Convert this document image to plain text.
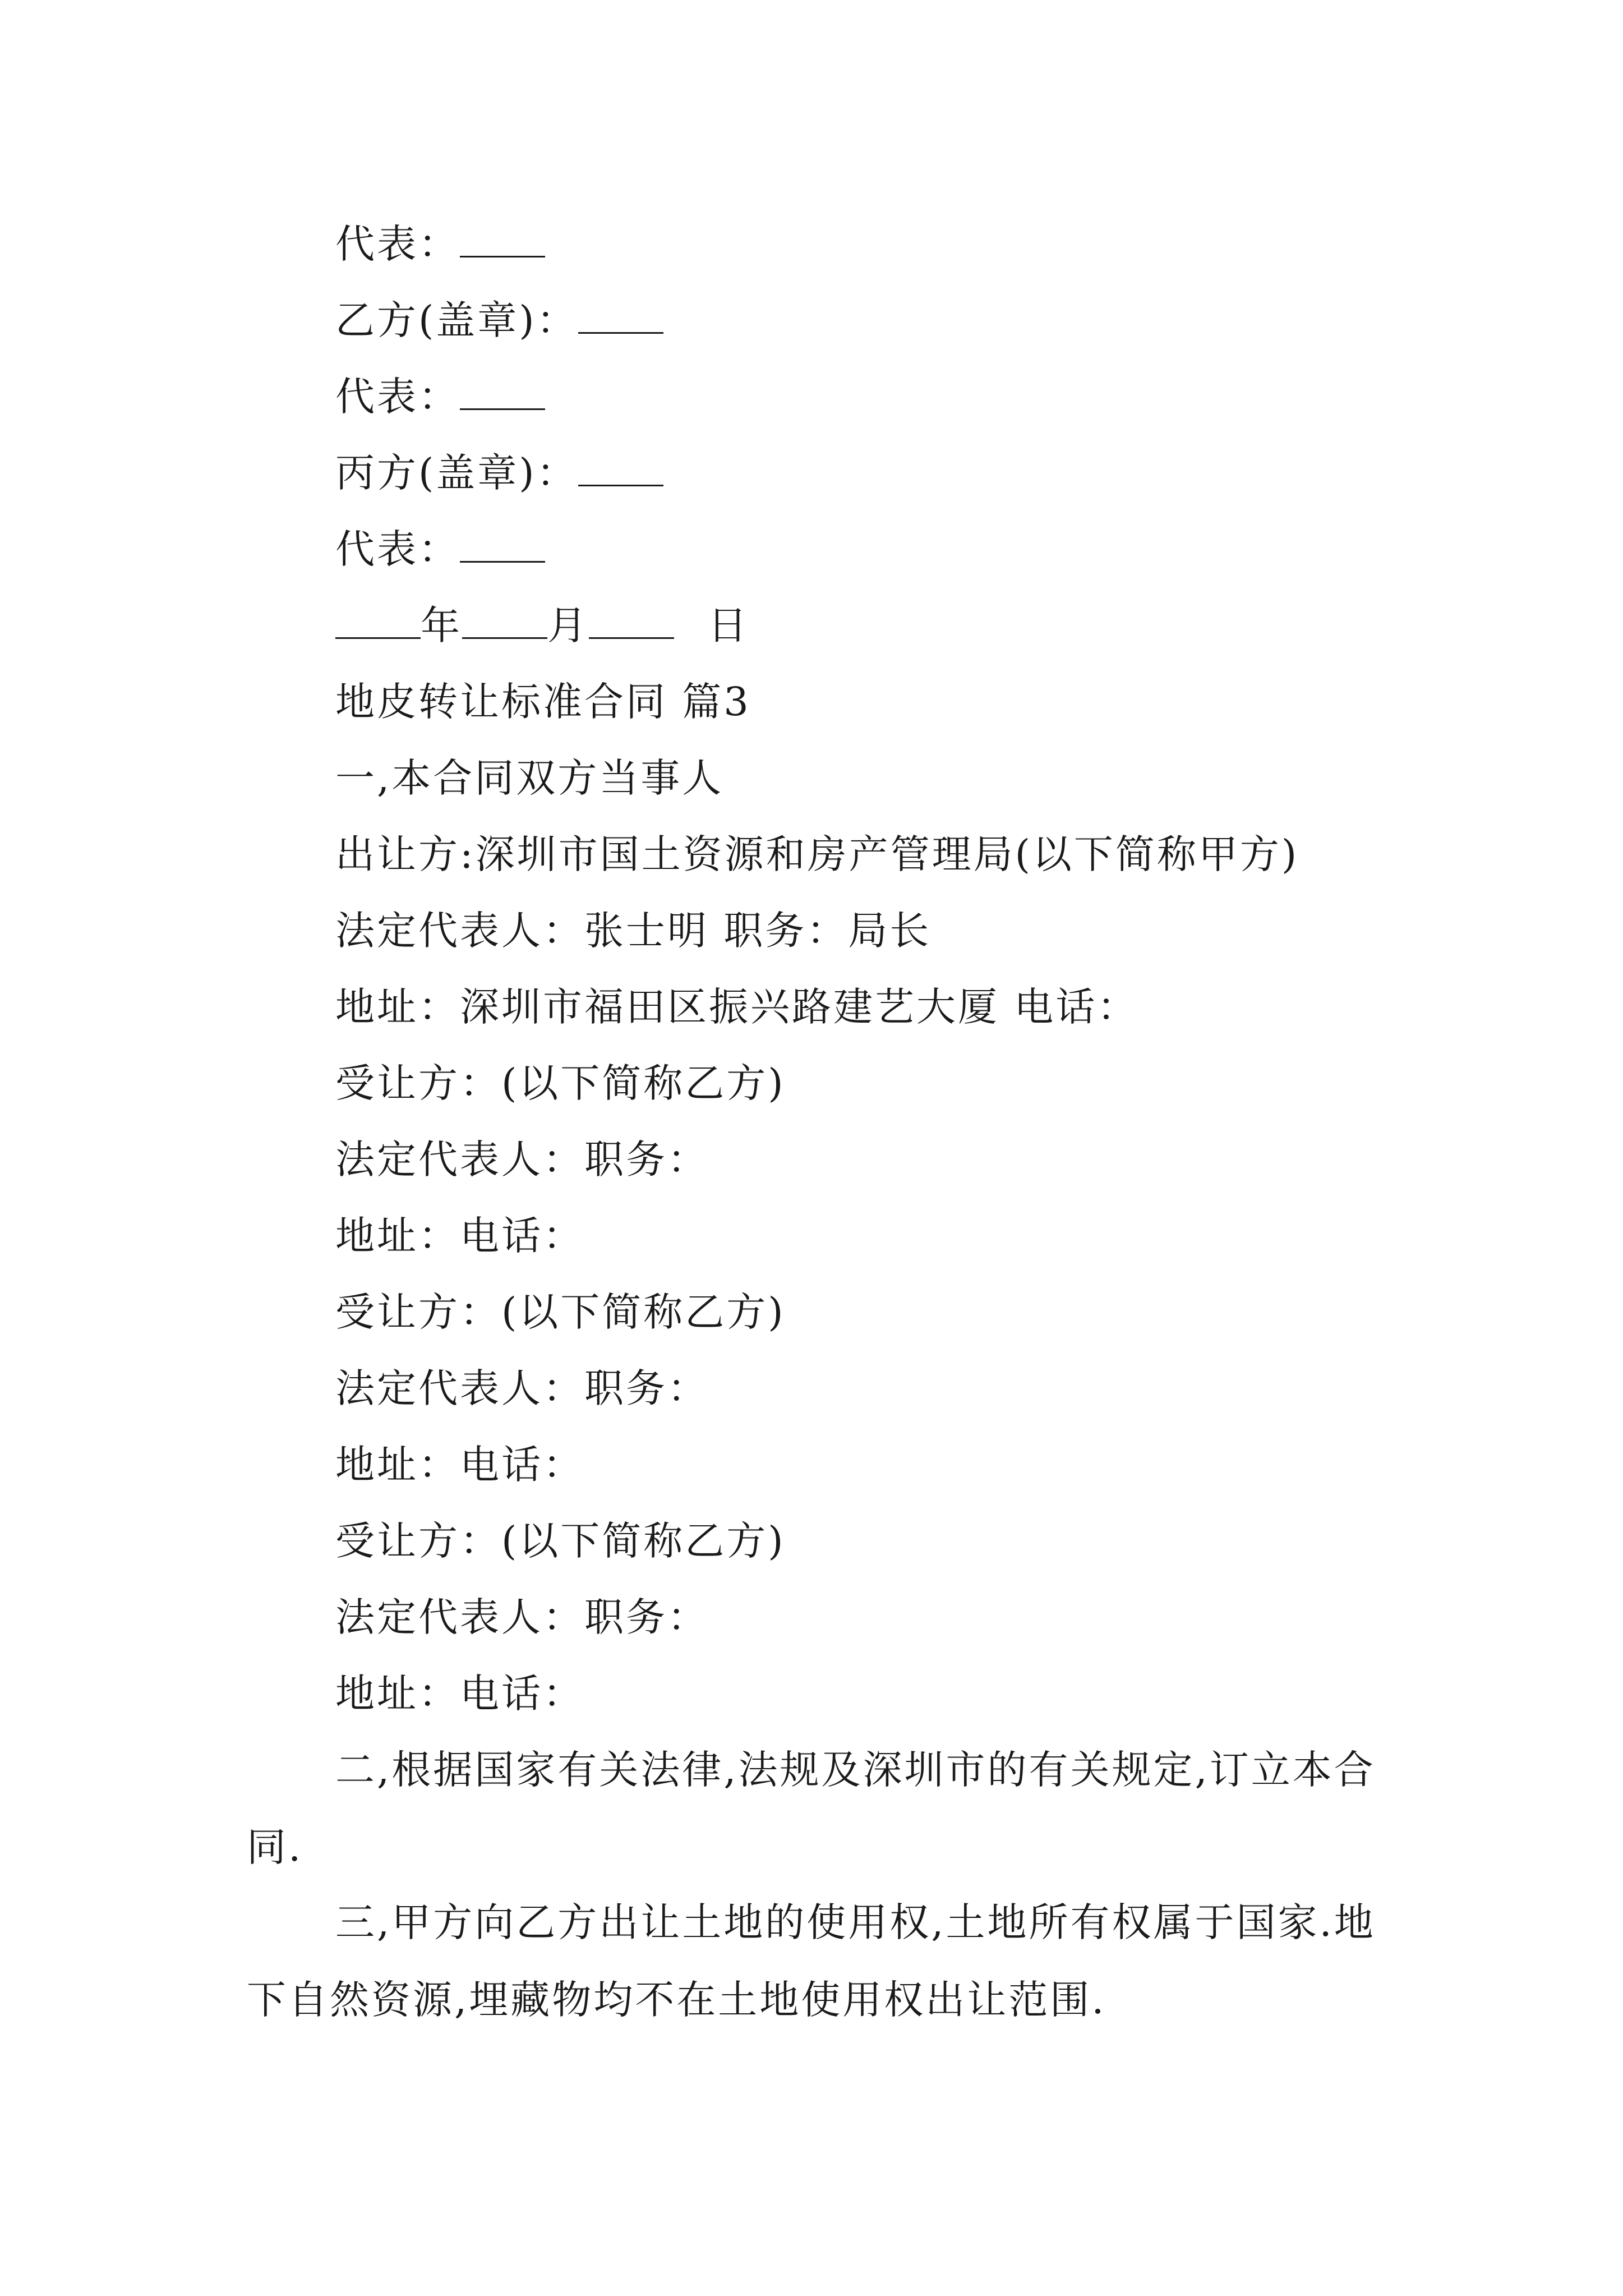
代表：
乙方(盖章)：
代表：
丙方(盖章)：
代表：
年 月	日
地皮转让标准合同 篇3
一,本合同双方当事人
出让方:深圳市国土资源和房产管理局(以下简称甲方)
法定代表人：张士明 职务：局长
地址：深圳市福田区振兴路建艺大厦 电话：
受让方：(以下简称乙方)
法定代表人：职务：
地址：电话：
受让方：(以下简称乙方)
法定代表人：职务：
地址：电话：
受让方：(以下简称乙方)
法定代表人：职务：
地址：电话：
二,根据国家有关法律,法规及深圳市的有关规定,订立本合同.
三,甲方向乙方出让土地的使用权,土地所有权属于国家.地下自然资源,埋藏物均不在土地使用权出让范围.
